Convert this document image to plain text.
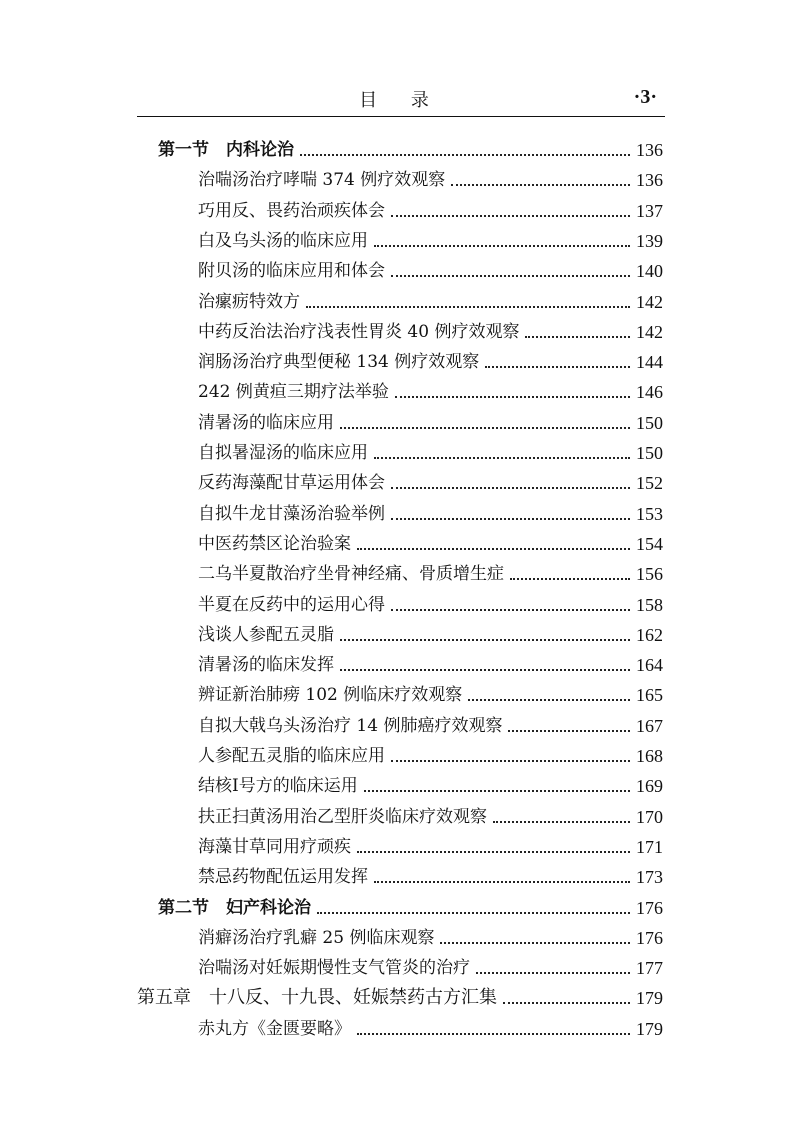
目 录	·3·
第一节　内科论治	136
治喘汤治疗哮喘 374 例疗效观察	136
巧用反、畏药治顽疾体会	137
白及乌头汤的临床应用	139
附贝汤的临床应用和体会	140
治瘰疬特效方	142
中药反治法治疗浅表性胃炎 40 例疗效观察	142
润肠汤治疗典型便秘 134 例疗效观察	144
242 例黄疸三期疗法举验	146
清暑汤的临床应用	150
自拟暑湿汤的临床应用	150
反药海藻配甘草运用体会	152
自拟牛龙甘藻汤治验举例	153
中医药禁区论治验案	154
二乌半夏散治疗坐骨神经痛、骨质增生症	156
半夏在反药中的运用心得	158
浅谈人参配五灵脂	162
清暑汤的临床发挥	164
辨证新治肺痨 102 例临床疗效观察	165
自拟大戟乌头汤治疗 14 例肺癌疗效观察	167
人参配五灵脂的临床应用	168
结核Ⅰ号方的临床运用	169
扶正扫黄汤用治乙型肝炎临床疗效观察	170
海藻甘草同用疗顽疾	171
禁忌药物配伍运用发挥	173
第二节　妇产科论治	176
消癖汤治疗乳癖 25 例临床观察	176
治喘汤对妊娠期慢性支气管炎的治疗	177
第五章　十八反、十九畏、妊娠禁药古方汇集	179
赤丸方《金匮要略》	179
